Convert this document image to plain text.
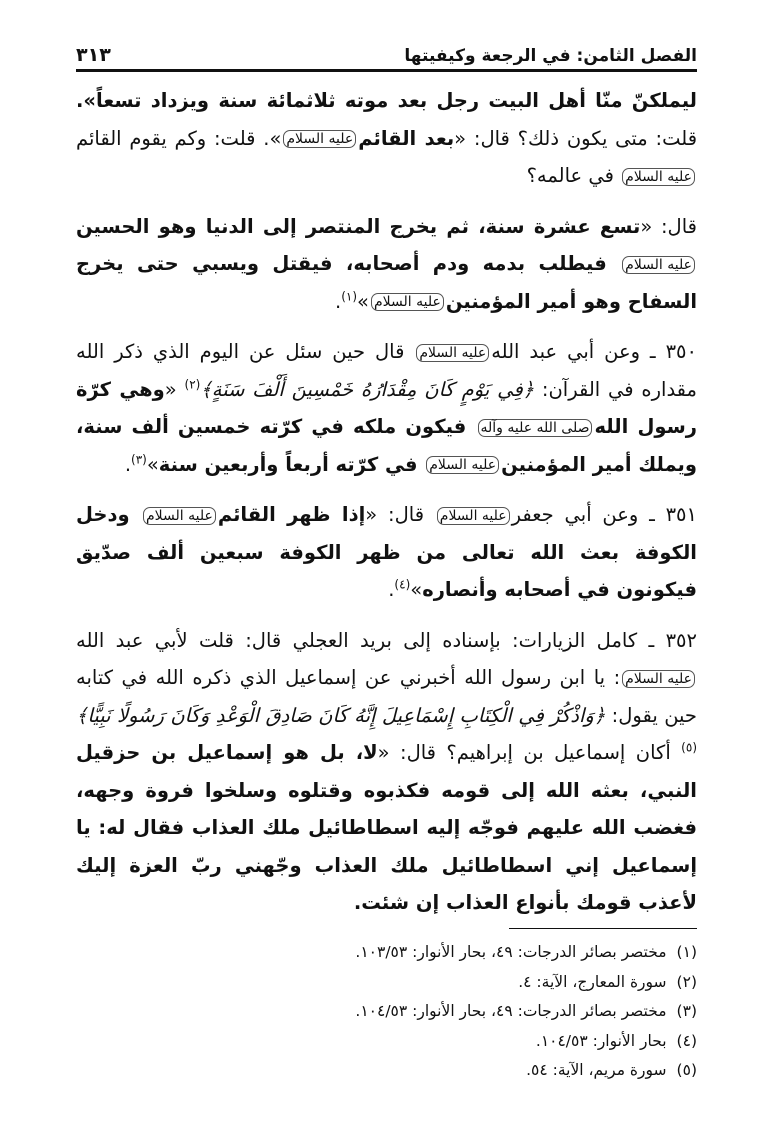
الفصل الثامن: في الرجعة وكيفيتها
٣١٣

ليملكنّ منّا أهل البيت رجل بعد موته ثلاثمائة سنة ويزداد تسعاً». قلت: متى يكون ذلك؟ قال: «بعد القائمعليه السلام». قلت: وكم يقوم القائمعليه السلام في عالمه؟

قال: «تسع عشرة سنة، ثم يخرج المنتصر إلى الدنيا وهو الحسينعليه السلام فيطلب بدمه ودم أصحابه، فيقتل ويسبي حتى يخرج السفاح وهو أمير المؤمنينعليه السلام»$^{(١)}$.

٣٥٠ ـ وعن أبي عبد اللهعليه السلام قال حين سئل عن اليوم الذي ذكر الله مقداره في القرآن: ﴿فِي يَوْمٍ كَانَ مِقْدَارُهُ خَمْسِينَ أَلْفَ سَنَةٍ﴾$^{(٢)}$ «وهي كرّة رسول اللهصلى الله عليه وآله فيكون ملكه في كرّته خمسين ألف سنة، ويملك أمير المؤمنينعليه السلام في كرّته أربعاً وأربعين سنة»$^{(٣)}$.

٣٥١ ـ وعن أبي جعفرعليه السلام قال: «إذا ظهر القائمعليه السلام ودخل الكوفة بعث الله تعالى من ظهر الكوفة سبعين ألف صدّيق فيكونون في أصحابه وأنصاره»$^{(٤)}$.

٣٥٢ ـ كامل الزيارات: بإسناده إلى بريد العجلي قال: قلت لأبي عبد اللهعليه السلام: يا ابن رسول الله أخبرني عن إسماعيل الذي ذكره الله في كتابه حين يقول: ﴿وَاذْكُرْ فِي الْكِتَابِ إِسْمَاعِيلَ إِنَّهُ كَانَ صَادِقَ الْوَعْدِ وَكَانَ رَسُولًا نَبِيًّا﴾$^{(٥)}$ أكان إسماعيل بن إبراهيم؟ قال: «لا، بل هو إسماعيل بن حزقيل النبي، بعثه الله إلى قومه فكذبوه وقتلوه وسلخوا فروة وجهه، فغضب الله عليهم فوجّه إليه اسطاطائيل ملك العذاب فقال له: يا إسماعيل إني اسطاطائيل ملك العذاب وجّهني ربّ العزة إليك لأعذب قومك بأنواع العذاب إن شئت.

(١)
مختصر بصائر الدرجات: ٤٩، بحار الأنوار: ١٠٣/٥٣.
(٢)
سورة المعارج، الآية: ٤.
(٣)
مختصر بصائر الدرجات: ٤٩، بحار الأنوار: ١٠٤/٥٣.
(٤)
بحار الأنوار: ١٠٤/٥٣.
(٥)
سورة مريم، الآية: ٥٤.
